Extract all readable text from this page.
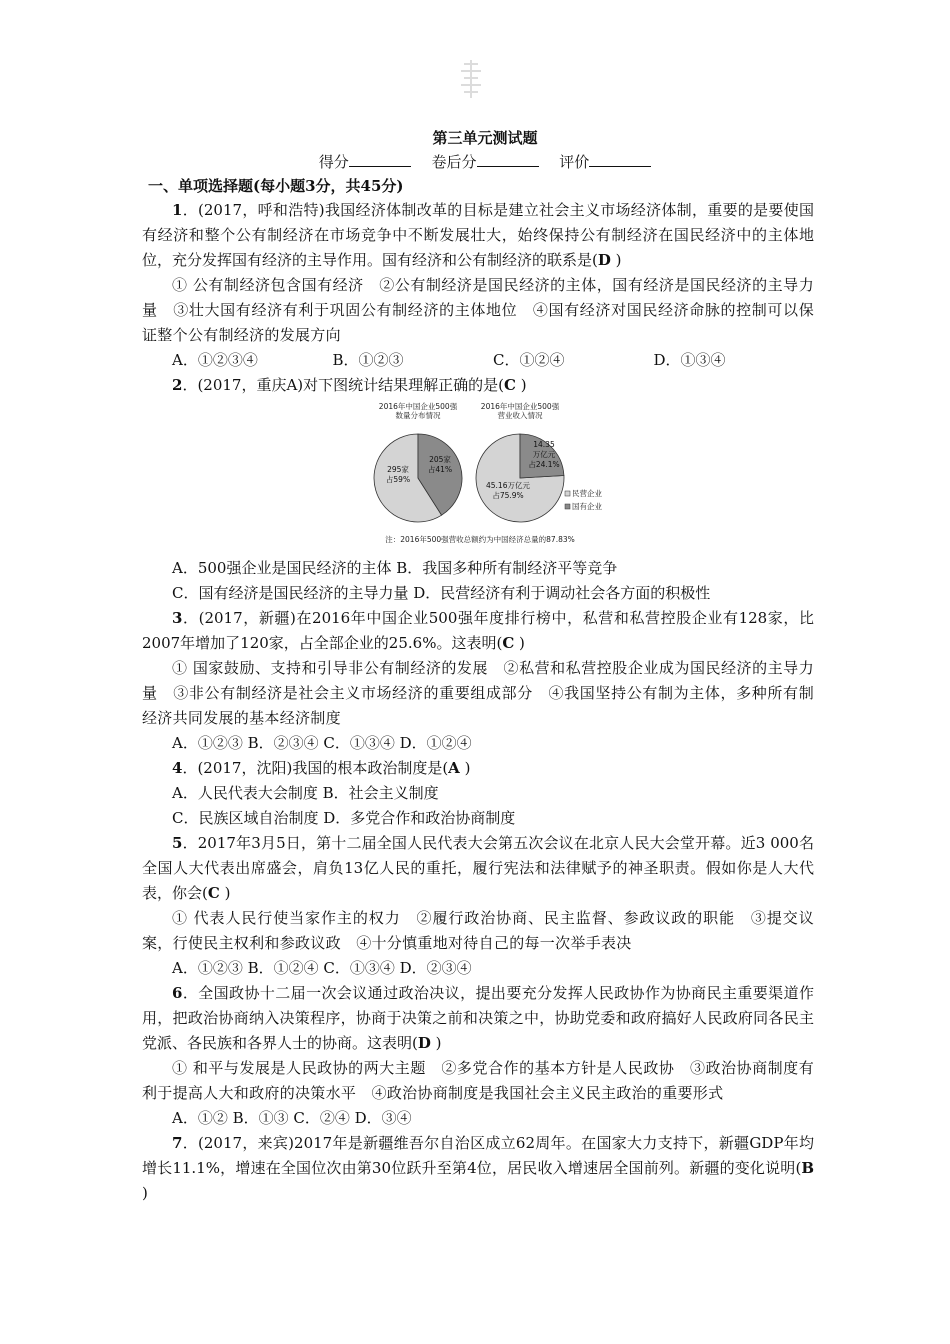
第三单元测试题
得分	卷后分	评价
一、单项选择题(每小题3分，共45分)
1．(2017，呼和浩特)我国经济体制改革的目标是建立社会主义市场经济体制，重要的是要使国有经济和整个公有制经济在市场竞争中不断发展壮大，始终保持公有制经济在国民经济中的主体地位，充分发挥国有经济的主导作用。国有经济和公有制经济的联系是(D )
① 公有制经济包含国有经济　②公有制经济是国民经济的主体，国有经济是国民经济的主导力量　③壮大国有经济有利于巩固公有制经济的主体地位　④国有经济对国民经济命脉的控制可以保证整个公有制经济的发展方向
A．①②③④	B．①②③	C．①②④	D．①③④
2．(2017，重庆A)对下图统计结果理解正确的是(C )
2016年中国企业500强
数量分布情况
2016年中国企业500强
营业收入情况
295家
占59%
205家
占41%
14.35
万亿元
占24.1%
45.16万亿元
占75.9%	民营企业
国有企业
注：2016年500强营收总额约为中国经济总量的87.83%
A．500强企业是国民经济的主体 B．我国多种所有制经济平等竞争
C．国有经济是国民经济的主导力量 D．民营经济有利于调动社会各方面的积极性
3．(2017，新疆)在2016年中国企业500强年度排行榜中，私营和私营控股企业有128家，比2007年增加了120家，占全部企业的25.6%。这表明(C )
① 国家鼓励、支持和引导非公有制经济的发展　②私营和私营控股企业成为国民经济的主导力量　③非公有制经济是社会主义市场经济的重要组成部分　④我国坚持公有制为主体，多种所有制经济共同发展的基本经济制度
A．①②③ B．②③④ C．①③④ D．①②④
4．(2017，沈阳)我国的根本政治制度是(A )
A．人民代表大会制度 B．社会主义制度
C．民族区域自治制度 D．多党合作和政治协商制度
5．2017年3月5日，第十二届全国人民代表大会第五次会议在北京人民大会堂开幕。近3 000名全国人大代表出席盛会，肩负13亿人民的重托，履行宪法和法律赋予的神圣职责。假如你是人大代表，你会(C )
① 代表人民行使当家作主的权力　②履行政治协商、民主监督、参政议政的职能　③提交议案，行使民主权利和参政议政　④十分慎重地对待自己的每一次举手表决
A．①②③ B．①②④ C．①③④ D．②③④
6．全国政协十二届一次会议通过政治决议，提出要充分发挥人民政协作为协商民主重要渠道作用，把政治协商纳入决策程序，协商于决策之前和决策之中，协助党委和政府搞好人民政府同各民主党派、各民族和各界人士的协商。这表明(D )
① 和平与发展是人民政协的两大主题　②多党合作的基本方针是人民政协　③政治协商制度有利于提高人大和政府的决策水平　④政治协商制度是我国社会主义民主政治的重要形式
A．①② B．①③ C．②④ D．③④
7．(2017，来宾)2017年是新疆维吾尔自治区成立62周年。在国家大力支持下，新疆GDP年均增长11.1%，增速在全国位次由第30位跃升至第4位，居民收入增速居全国前列。新疆的变化说明(B )
